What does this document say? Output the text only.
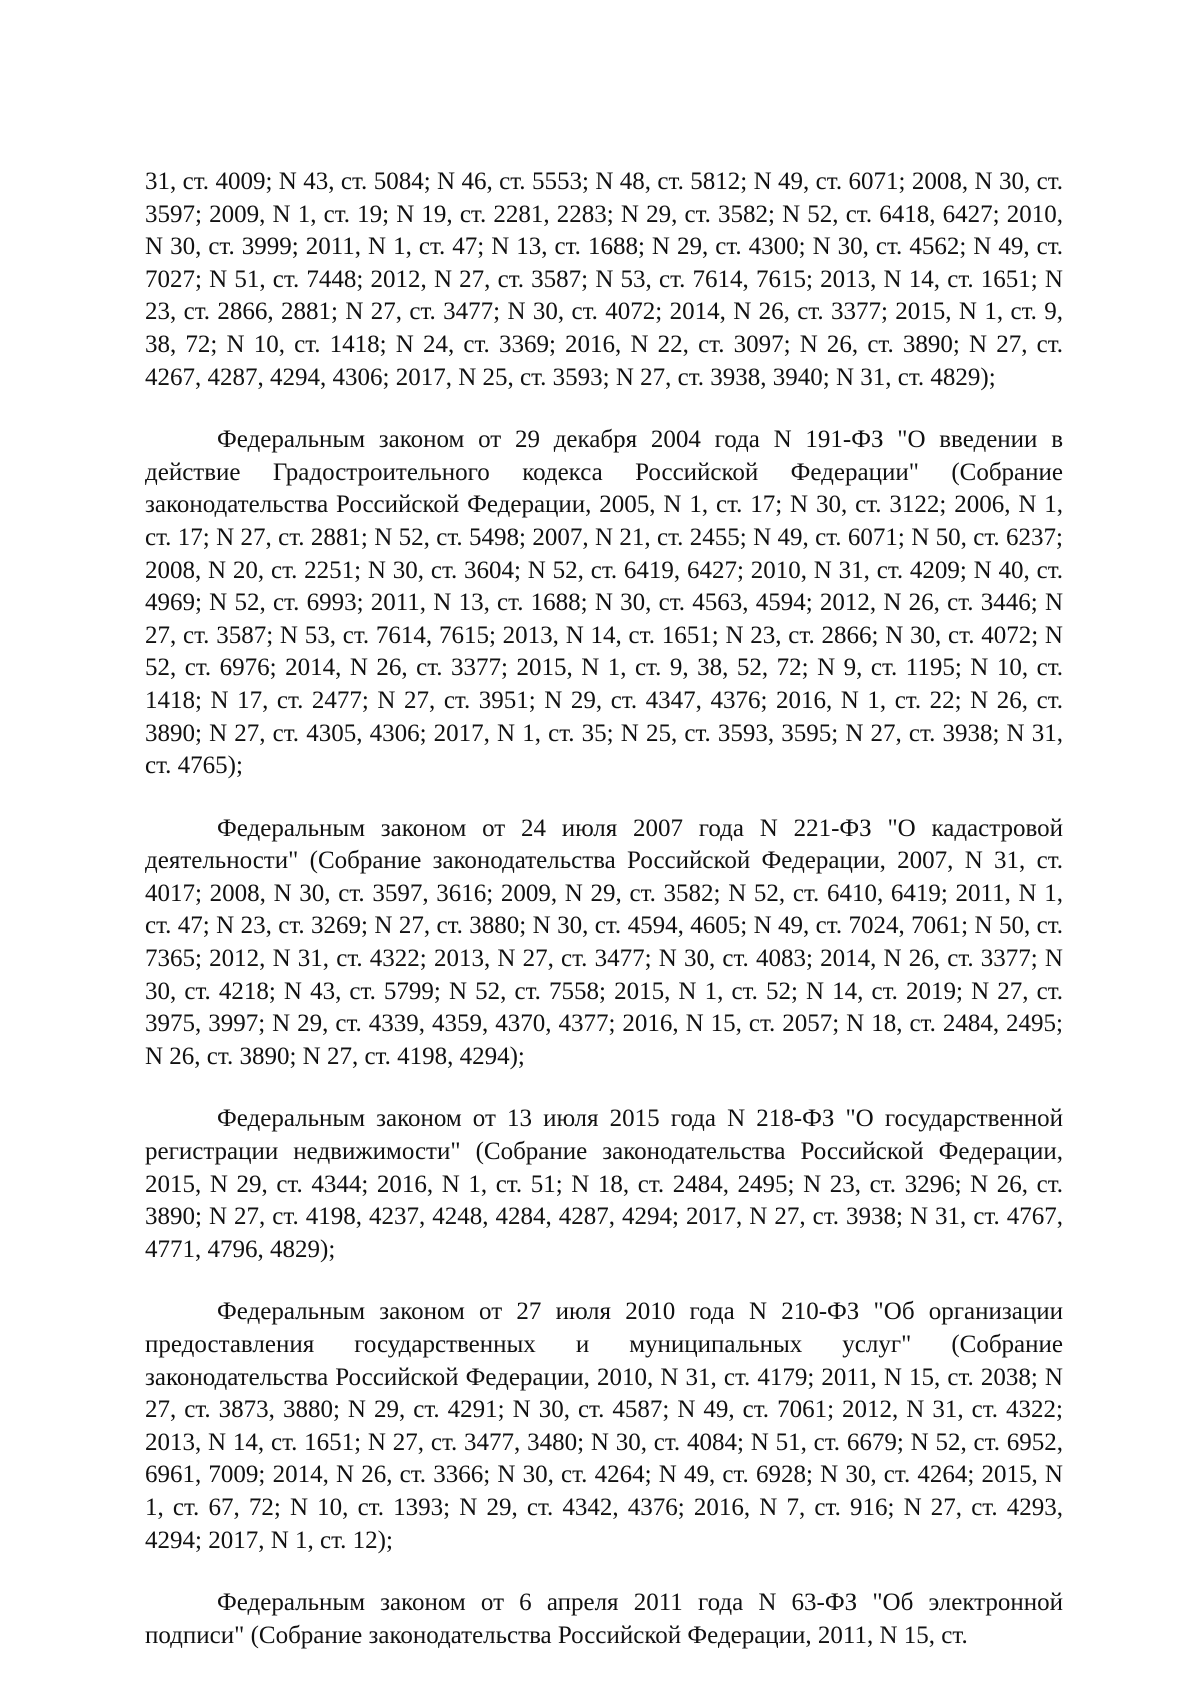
31, ст. 4009; N 43, ст. 5084; N 46, ст. 5553; N 48, ст. 5812; N 49, ст. 6071; 2008, N 30, ст. 3597; 2009, N 1, ст. 19; N 19, ст. 2281, 2283; N 29, ст. 3582; N 52, ст. 6418, 6427; 2010, N 30, ст. 3999; 2011, N 1, ст. 47; N 13, ст. 1688; N 29, ст. 4300; N 30, ст. 4562; N 49, ст. 7027; N 51, ст. 7448; 2012, N 27, ст. 3587; N 53, ст. 7614, 7615; 2013, N 14, ст. 1651; N 23, ст. 2866, 2881; N 27, ст. 3477; N 30, ст. 4072; 2014, N 26, ст. 3377; 2015, N 1, ст. 9, 38, 72; N 10, ст. 1418; N 24, ст. 3369; 2016, N 22, ст. 3097; N 26, ст. 3890; N 27, ст. 4267, 4287, 4294, 4306; 2017, N 25, ст. 3593; N 27, ст. 3938, 3940; N 31, ст. 4829);

Федеральным законом от 29 декабря 2004 года N 191-ФЗ "О введении в действие Градостроительного кодекса Российской Федерации" (Собрание законодательства Российской Федерации, 2005, N 1, ст. 17; N 30, ст. 3122; 2006, N 1, ст. 17; N 27, ст. 2881; N 52, ст. 5498; 2007, N 21, ст. 2455; N 49, ст. 6071; N 50, ст. 6237; 2008, N 20, ст. 2251; N 30, ст. 3604; N 52, ст. 6419, 6427; 2010, N 31, ст. 4209; N 40, ст. 4969; N 52, ст. 6993; 2011, N 13, ст. 1688; N 30, ст. 4563, 4594; 2012, N 26, ст. 3446; N 27, ст. 3587; N 53, ст. 7614, 7615; 2013, N 14, ст. 1651; N 23, ст. 2866; N 30, ст. 4072; N 52, ст. 6976; 2014, N 26, ст. 3377; 2015, N 1, ст. 9, 38, 52, 72; N 9, ст. 1195; N 10, ст. 1418; N 17, ст. 2477; N 27, ст. 3951; N 29, ст. 4347, 4376; 2016, N 1, ст. 22; N 26, ст. 3890; N 27, ст. 4305, 4306; 2017, N 1, ст. 35; N 25, ст. 3593, 3595; N 27, ст. 3938; N 31, ст. 4765);

Федеральным законом от 24 июля 2007 года N 221-ФЗ "О кадастровой деятельности" (Собрание законодательства Российской Федерации, 2007, N 31, ст. 4017; 2008, N 30, ст. 3597, 3616; 2009, N 29, ст. 3582; N 52, ст. 6410, 6419; 2011, N 1, ст. 47; N 23, ст. 3269; N 27, ст. 3880; N 30, ст. 4594, 4605; N 49, ст. 7024, 7061; N 50, ст. 7365; 2012, N 31, ст. 4322; 2013, N 27, ст. 3477; N 30, ст. 4083; 2014, N 26, ст. 3377; N 30, ст. 4218; N 43, ст. 5799; N 52, ст. 7558; 2015, N 1, ст. 52; N 14, ст. 2019; N 27, ст. 3975, 3997; N 29, ст. 4339, 4359, 4370, 4377; 2016, N 15, ст. 2057; N 18, ст. 2484, 2495; N 26, ст. 3890; N 27, ст. 4198, 4294);

Федеральным законом от 13 июля 2015 года N 218-ФЗ "О государственной регистрации недвижимости" (Собрание законодательства Российской Федерации, 2015, N 29, ст. 4344; 2016, N 1, ст. 51; N 18, ст. 2484, 2495; N 23, ст. 3296; N 26, ст. 3890; N 27, ст. 4198, 4237, 4248, 4284, 4287, 4294; 2017, N 27, ст. 3938; N 31, ст. 4767, 4771, 4796, 4829);

Федеральным законом от 27 июля 2010 года N 210-ФЗ "Об организации предоставления государственных и муниципальных услуг" (Собрание законодательства Российской Федерации, 2010, N 31, ст. 4179; 2011, N 15, ст. 2038; N 27, ст. 3873, 3880; N 29, ст. 4291; N 30, ст. 4587; N 49, ст. 7061; 2012, N 31, ст. 4322; 2013, N 14, ст. 1651; N 27, ст. 3477, 3480; N 30, ст. 4084; N 51, ст. 6679; N 52, ст. 6952, 6961, 7009; 2014, N 26, ст. 3366; N 30, ст. 4264; N 49, ст. 6928; N 30, ст. 4264; 2015, N 1, ст. 67, 72; N 10, ст. 1393; N 29, ст. 4342, 4376; 2016, N 7, ст. 916; N 27, ст. 4293, 4294; 2017, N 1, ст. 12);

Федеральным законом от 6 апреля 2011 года N 63-ФЗ "Об электронной подписи" (Собрание законодательства Российской Федерации, 2011, N 15, ст.
